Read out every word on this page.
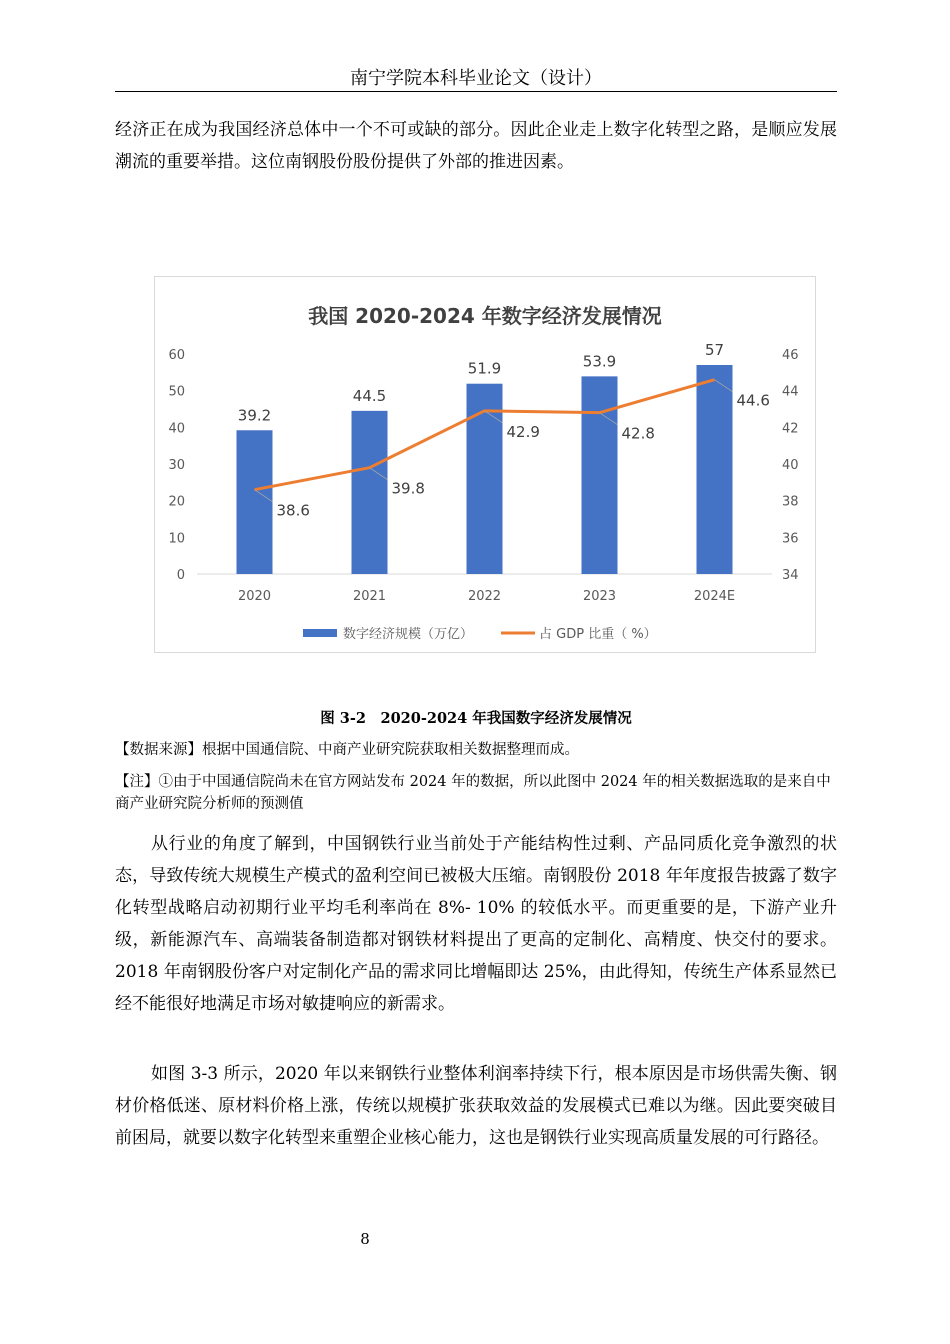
南宁学院本科毕业论文（设计）
经济正在成为我国经济总体中一个不可或缺的部分。因此企业走上数字化转型之路，是顺应发展潮流的重要举措。这位南钢股份股份提供了外部的推进因素。
我国 2020-2024 年数字经济发展情况
0
10
20
30
40
50
60
34
36
38
40
42
44
46
2020	2021	2022	2023	2024E
39.2
44.5
51.9	53.9
57
38.6
39.8
42.9	42.8
44.6
数字经济规模（万亿）	占 GDP 比重（ %）
图 3-2　2020-2024 年我国数字经济发展情况
【数据来源】根据中国通信院、中商产业研究院获取相关数据整理而成。
【注】①由于中国通信院尚未在官方网站发布 2024 年的数据，所以此图中 2024 年的相关数据选取的是来自中商产业研究院分析师的预测值
从行业的角度了解到，中国钢铁行业当前处于产能结构性过剩、产品同质化竞争激烈的状态，导致传统大规模生产模式的盈利空间已被极大压缩。南钢股份 2018 年年度报告披露了数字化转型战略启动初期行业平均毛利率尚在 8%- 10% 的较低水平。而更重要的是，下游产业升级，新能源汽车、高端装备制造都对钢铁材料提出了更高的定制化、高精度、快交付的要求。2018 年南钢股份客户对定制化产品的需求同比增幅即达 25%，由此得知，传统生产体系显然已经不能很好地满足市场对敏捷响应的新需求。
如图 3-3 所示，2020 年以来钢铁行业整体利润率持续下行，根本原因是市场供需失衡、钢材价格低迷、原材料价格上涨，传统以规模扩张获取效益的发展模式已难以为继。因此要突破目前困局，就要以数字化转型来重塑企业核心能力，这也是钢铁行业实现高质量发展的可行路径。
8
